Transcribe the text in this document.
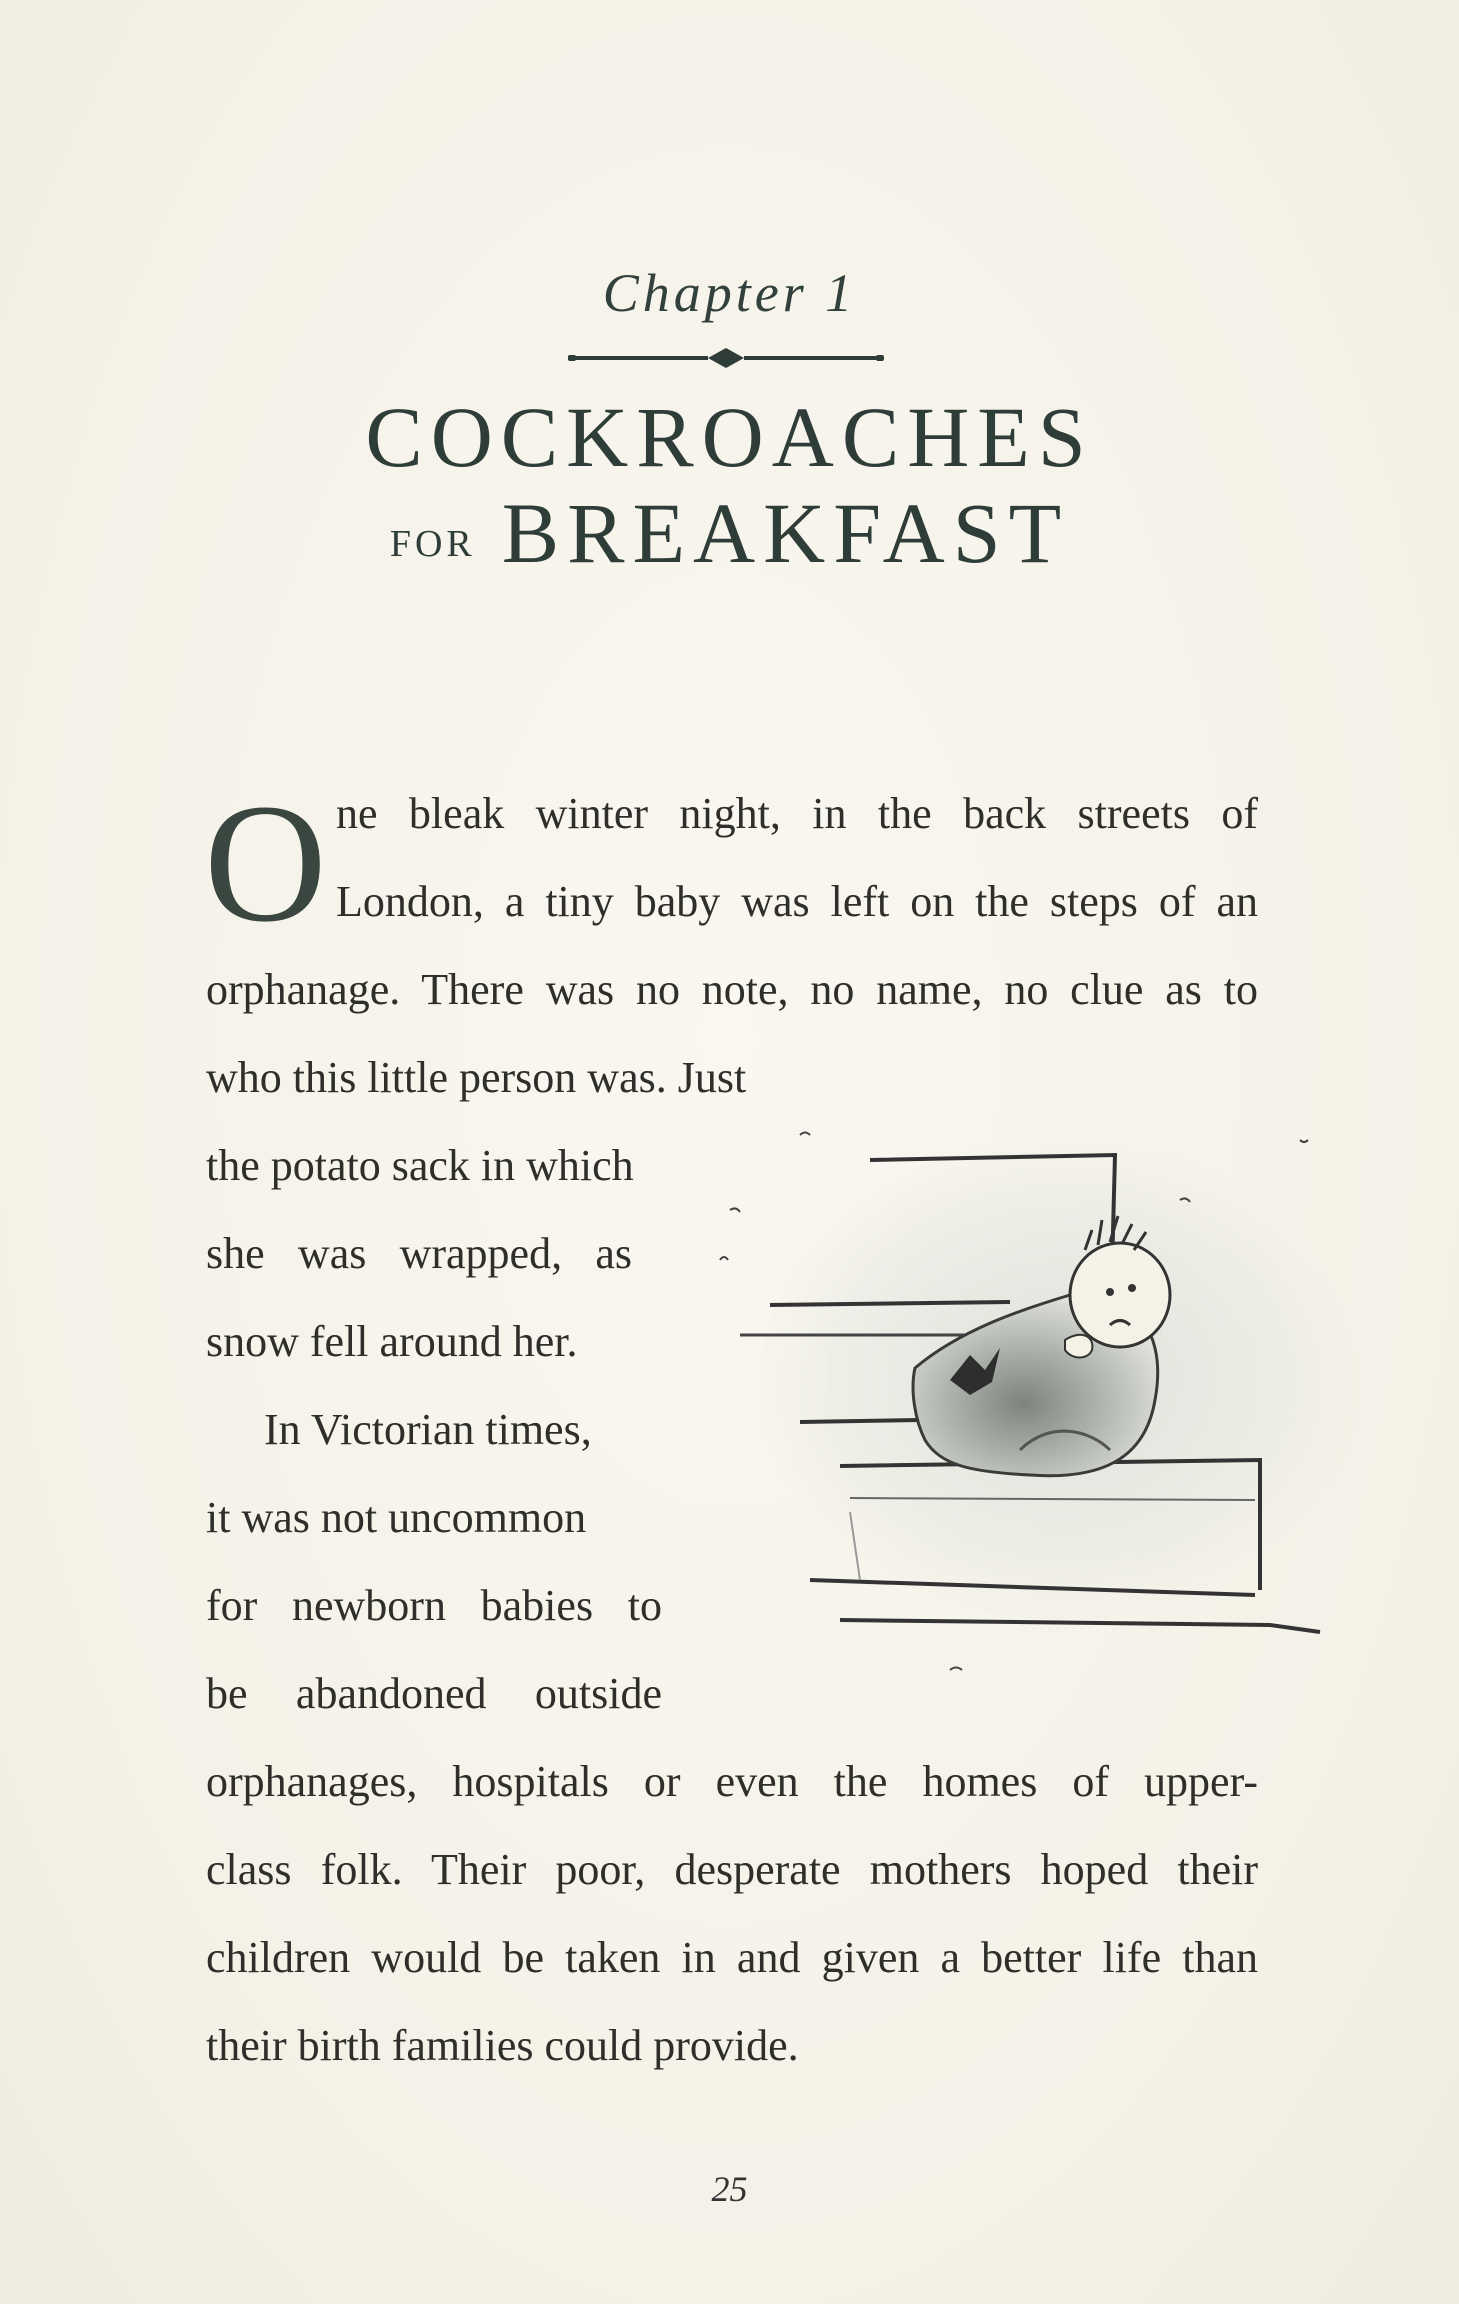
Chapter 1
COCKROACHES
FOR BREAKFAST
O ne bleak winter night, in the back streets of
London, a tiny baby was left on the steps of an
orphanage. There was no note, no name, no clue as to
who this little person was. Just
the potato sack in which
she was wrapped, as
snow fell around her.
In Victorian times,
it was not uncommon
for newborn babies to
be abandoned outside
orphanages, hospitals or even the homes of upper-
class folk. Their poor, desperate mothers hoped their
children would be taken in and given a better life than
their birth families could provide.
25
